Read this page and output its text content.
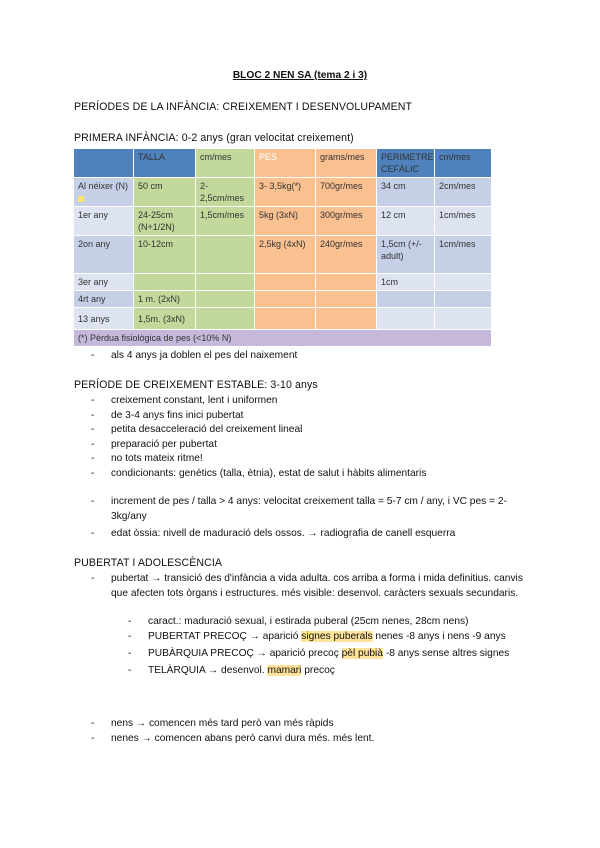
BLOC 2 NEN SA (tema 2 i 3)
PERÍODES DE LA INFÀNCIA: CREIXEMENT I DESENVOLUPAMENT
PRIMERA INFÀNCIA: 0-2 anys (gran velocitat creixement)
	TALLA	cm/mes	PES	grams/mes	PERIMETRE CEFÀLIC	cm/mes
Al néixer (N)	50 cm	2-2,5cm/mes	3- 3,5kg(*)	700gr/mes	34 cm	2cm/mes
1er any	24-25cm (N+1/2N)	1,5cm/mes	5kg (3xN)	300gr/mes	12 cm	1cm/mes
2on any	10-12cm		2,5kg (4xN)	240gr/mes	1,5cm (+/- adult)	1cm/mes
3er any					1cm	
4rt any	1 m. (2xN)					
13 anys	1,5m. (3xN)					
(*) Pèrdua fisiològica de pes (<10% N)						
- als 4 anys ja doblen el pes del naixement
PERÍODE DE CREIXEMENT ESTABLE: 3-10 anys
- creixement constant, lent i uniformen
- de 3-4 anys fins inici pubertat
- petita desacceleració del creixement lineal
- preparació per pubertat
- no tots mateix ritme!
- condicionants: genètics (talla, ètnia), estat de salut i hàbits alimentaris
- increment de pes / talla > 4 anys: velocitat creixement talla = 5-7 cm / any, i VC pes = 2-3kg/any
- edat òssia: nivell de maduració dels ossos. → radiografia de canell esquerra
PUBERTAT I ADOLESCÈNCIA
- pubertat → transició des d'infància a vida adulta. cos arriba a forma i mida definitius. canvis que afecten tots òrgans i estructures. més visible: desenvol. caràcters sexuals secundaris.
- caract.: maduració sexual, i estirada puberal (25cm nenes, 28cm nens)
- PUBERTAT PRECOÇ → aparició signes puberals nenes -8 anys i nens -9 anys
- PUBÀRQUIA PRECOÇ → aparició precoç pèl pubià -8 anys sense altres signes
- TELÀRQUIA → desenvol. mamari precoç
- nens → comencen més tard però van més ràpids
- nenes → comencen abans però canvi dura més. més lent.
